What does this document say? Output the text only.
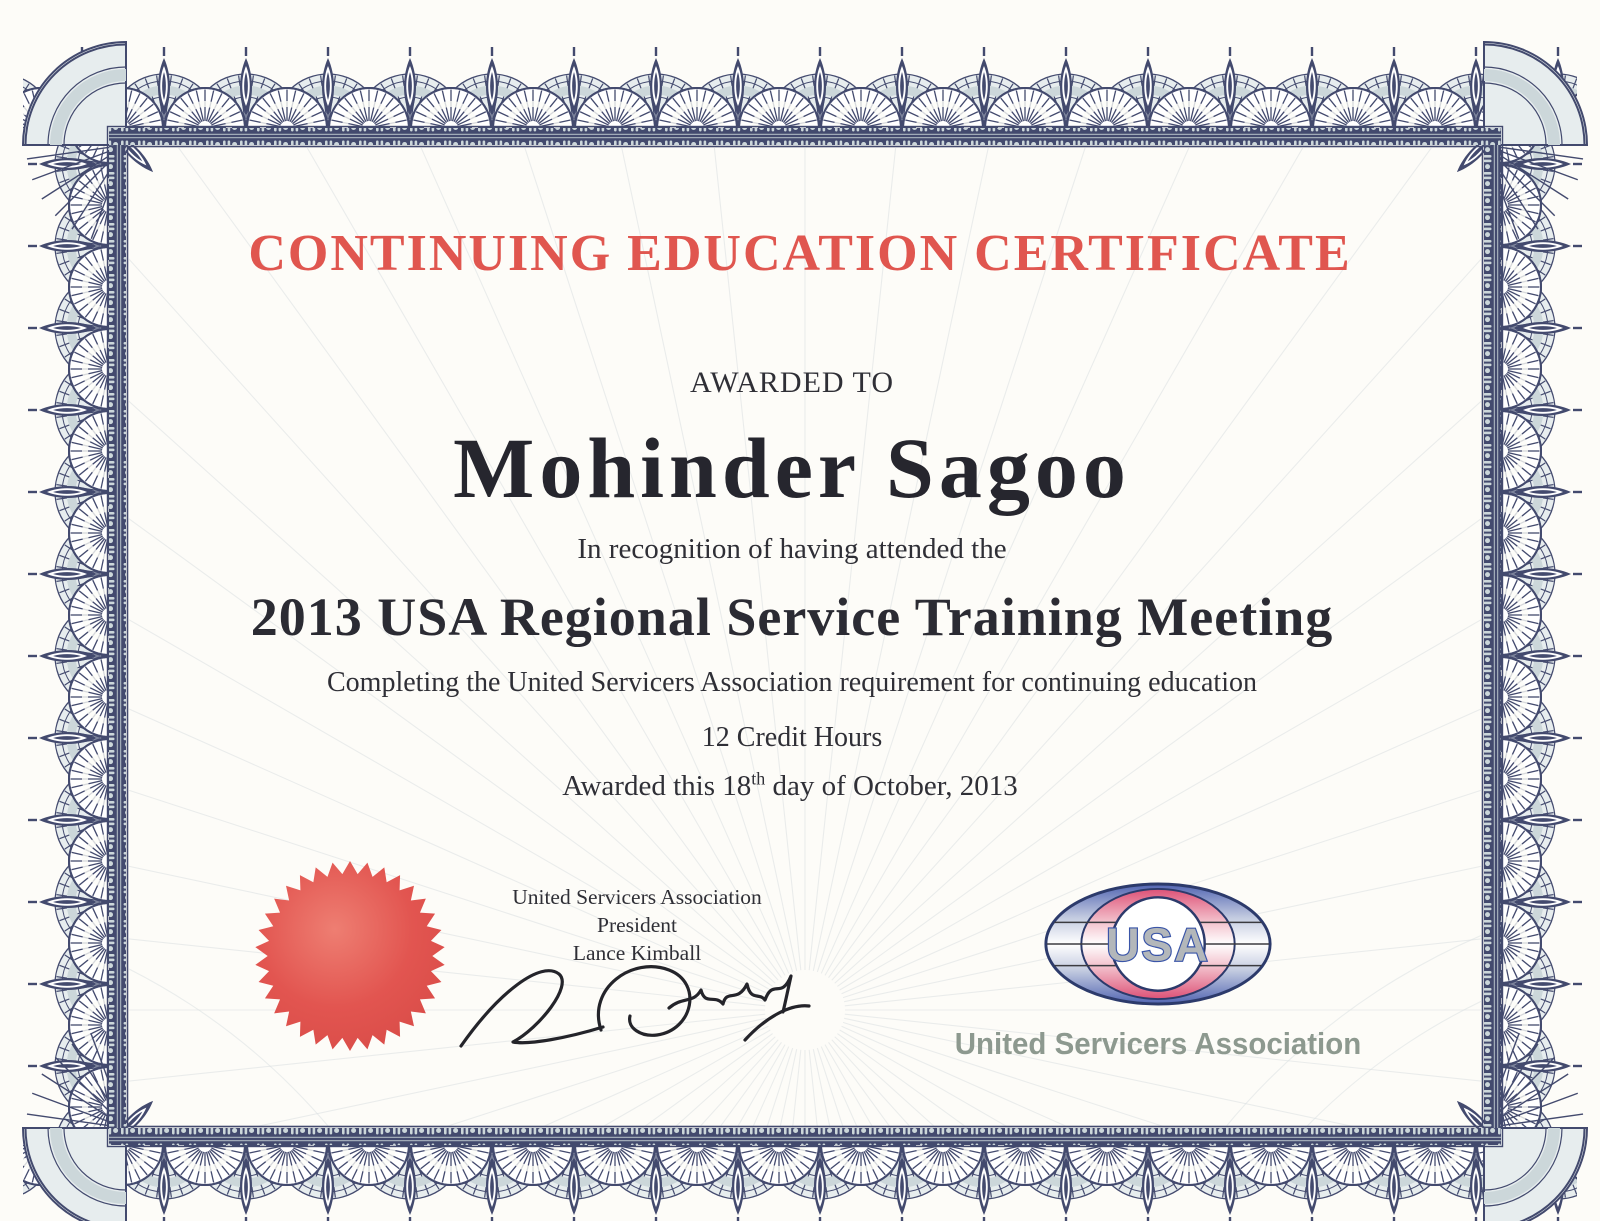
CONTINUING EDUCATION CERTIFICATE
AWARDED TO
Mohinder Sagoo
In recognition of having attended the
2013 USA Regional Service Training Meeting
Completing the United Servicers Association requirement for continuing education
12 Credit Hours
Awarded this 18th day of October, 2013
United Servicers Association
President
Lance Kimball	USA
United Servicers Association
